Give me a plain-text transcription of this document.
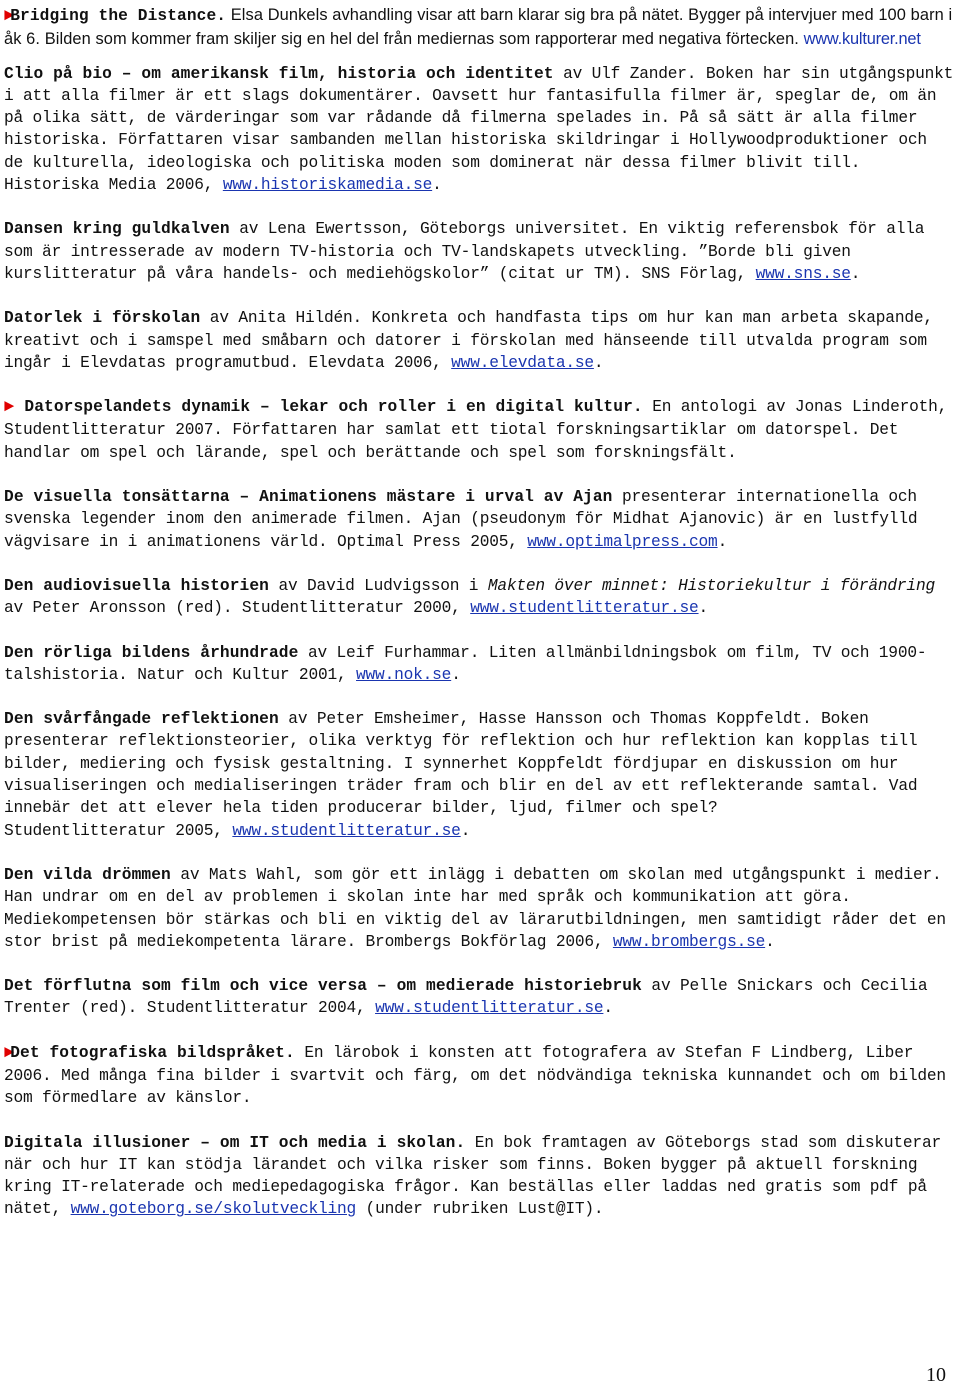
►Bridging the Distance. Elsa Dunkels avhandling visar att barn klarar sig bra på nätet. Bygger på intervjuer med 100 barn i åk 6. Bilden som kommer fram skiljer sig en hel del från mediernas som rapporterar med negativa förtecken. www.kulturer.net

Clio på bio – om amerikansk film, historia och identitet av Ulf Zander. Boken har sin utgångspunkt i att alla filmer är ett slags dokumentärer. Oavsett hur fantasifulla filmer är, speglar de, om än på olika sätt, de värderingar som var rådande då filmerna spelades in. På så sätt är alla filmer historiska. Författaren visar sambanden mellan historiska skildringar i Hollywoodproduktioner och de kulturella, ideologiska och politiska moden som dominerat när dessa filmer blivit till. Historiska Media 2006, www.historiskamedia.se.

Dansen kring guldkalven av Lena Ewertsson, Göteborgs universitet. En viktig referensbok för alla som är intresserade av modern TV-historia och TV-landskapets utveckling. ”Borde bli given kurslitteratur på våra handels- och mediehögskolor” (citat ur TM). SNS Förlag, www.sns.se.

Datorlek i förskolan av Anita Hildén. Konkreta och handfasta tips om hur kan man arbeta skapande, kreativt och i samspel med småbarn och datorer i förskolan med hänseende till utvalda program som ingår i Elevdatas programutbud. Elevdata 2006, www.elevdata.se.

► Datorspelandets dynamik – lekar och roller i en digital kultur. En antologi av Jonas Linderoth, Studentlitteratur 2007. Författaren har samlat ett tiotal forskningsartiklar om datorspel. Det handlar om spel och lärande, spel och berättande och spel som forskningsfält.

De visuella tonsättarna – Animationens mästare i urval av Ajan presenterar internationella och svenska legender inom den animerade filmen. Ajan (pseudonym för Midhat Ajanovic) är en lustfylld vägvisare in i animationens värld. Optimal Press 2005, www.optimalpress.com.

Den audiovisuella historien av David Ludvigsson i Makten över minnet: Historiekultur i förändring av Peter Aronsson (red). Studentlitteratur 2000, www.studentlitteratur.se.

Den rörliga bildens århundrade av Leif Furhammar. Liten allmänbildningsbok om film, TV och 1900-talshistoria. Natur och Kultur 2001, www.nok.se.

Den svårfångade reflektionen av Peter Emsheimer, Hasse Hansson och Thomas Koppfeldt. Boken presenterar reflektionsteorier, olika verktyg för reflektion och hur reflektion kan kopplas till bilder, mediering och fysisk gestaltning. I synnerhet Koppfeldt fördjupar en diskussion om hur visualiseringen och medialiseringen träder fram och blir en del av ett reflekterande samtal. Vad innebär det att elever hela tiden producerar bilder, ljud, filmer och spel?
Studentlitteratur 2005, www.studentlitteratur.se.

Den vilda drömmen av Mats Wahl, som gör ett inlägg i debatten om skolan med utgångspunkt i medier. Han undrar om en del av problemen i skolan inte har med språk och kommunikation att göra. Mediekompetensen bör stärkas och bli en viktig del av lärarutbildningen, men samtidigt råder det en stor brist på mediekompetenta lärare. Brombergs Bokförlag 2006, www.brombergs.se.

Det förflutna som film och vice versa – om medierade historiebruk av Pelle Snickars och Cecilia Trenter (red). Studentlitteratur 2004, www.studentlitteratur.se.

►Det fotografiska bildspråket. En lärobok i konsten att fotografera av Stefan F Lindberg, Liber 2006. Med många fina bilder i svartvit och färg, om det nödvändiga tekniska kunnandet och om bilden som förmedlare av känslor.

Digitala illusioner – om IT och media i skolan. En bok framtagen av Göteborgs stad som diskuterar när och hur IT kan stödja lärandet och vilka risker som finns. Boken bygger på aktuell forskning kring IT-relaterade och mediepedagogiska frågor. Kan beställas eller laddas ned gratis som pdf på nätet, www.goteborg.se/skolutveckling (under rubriken Lust@IT).

10
